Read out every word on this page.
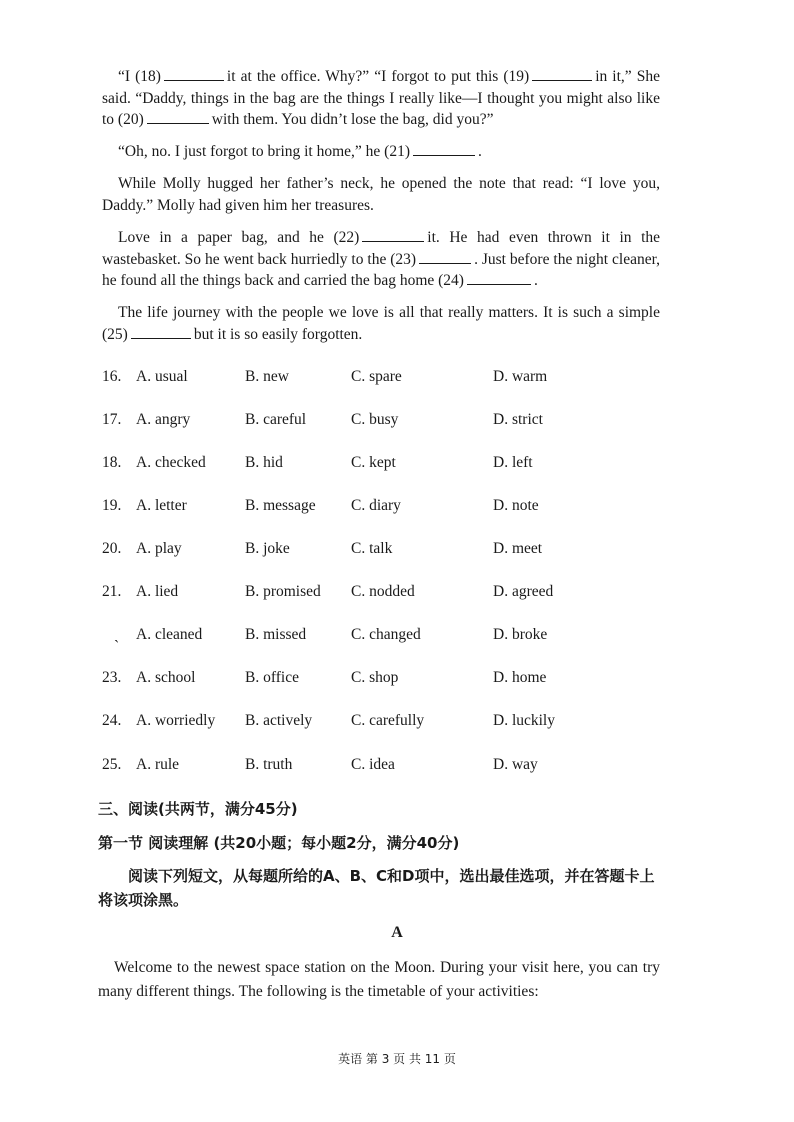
“I (18)	it at the office. Why?” “I forgot to put this (19)	in it,” She said. “Daddy, things in the bag are the things I really like—I thought you might also like to (20)	with them. You didn’t lose the bag, did you?”
“Oh, no. I just forgot to bring it home,” he (21)	.
While Molly hugged her father’s neck, he opened the note that read: “I love you, Daddy.” Molly had given him her treasures.
Love in a paper bag, and he (22)	it. He had even thrown it in the wastebasket. So he went back hurriedly to the (23)	. Just before the night cleaner, he found all the things back and carried the bag home (24)	.
The life journey with the people we love is all that really matters. It is such a simple (25)	but it is so easily forgotten.
16. A. usual	B. new	C. spare	D. warm
17. A. angry	B. careful	C. busy	D. strict
18. A. checked	B. hid	C. kept	D. left
19. A. letter	B. message C. diary	D. note
20. A. play	B. joke	C. talk	D. meet
21. A. lied	B. promised C. nodded	D. agreed
ˎ A. cleaned	B. missed	C. changed	D. broke
23. A. school	B. office	C. shop	D. home
24. A. worriedly B. actively	C. carefully	D. luckily
25. A. rule	B. truth	C. idea	D. way
三、阅读(共两节，满分45分)
第一节 阅读理解 (共20小题；每小题2分，满分40分)
阅读下列短文，从每题所给的A、B、C和D项中，选出最佳选项，并在答题卡上将该项涂黑。
A
Welcome to the newest space station on the Moon. During your visit here, you can try many different things. The following is the timetable of your activities:
英语 第 3 页 共 11 页
